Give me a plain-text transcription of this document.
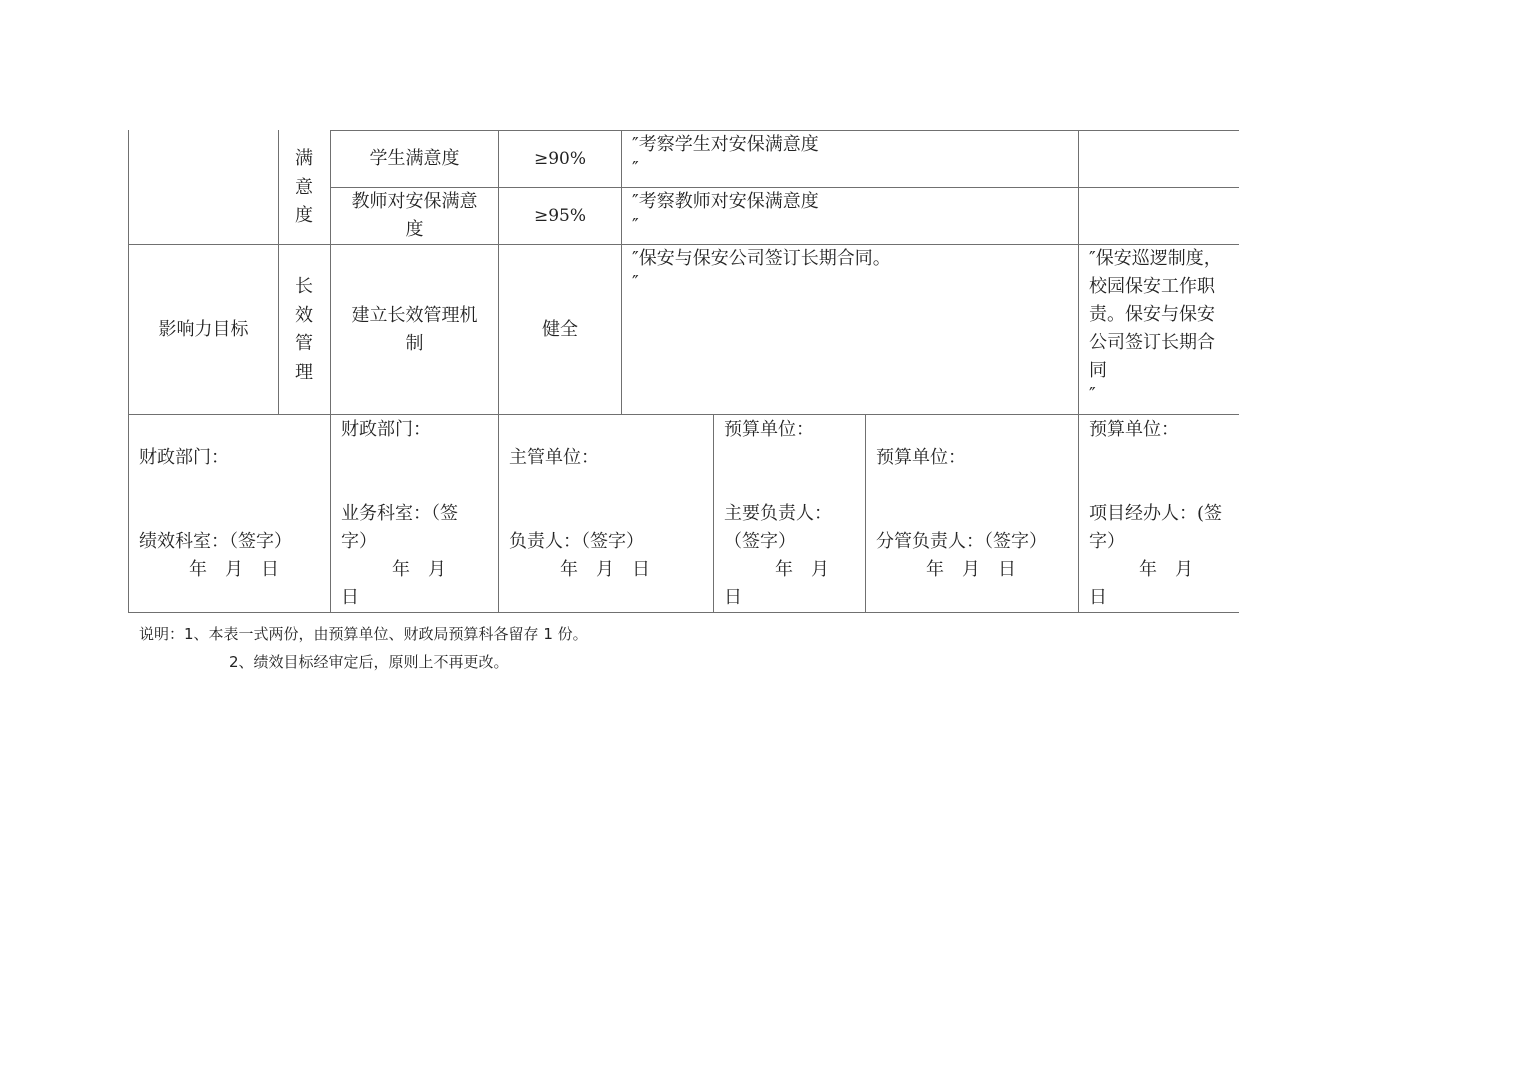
满意度
学生满意度	≥90%
″考察学生对安保满意度
″
教师对安保满意
度
≥95%
″考察教师对安保满意度
″
影响力目标
长效管理
建立长效管理机
制
健全
″保安与保安公司签订长期合同。
″
″保安巡逻制度，
校园保安工作职
责。保安与保安
公司签订长期合
同
″
财政部门：
绩效科室：（签字）
年　月　日
财政部门：
业务科室：（签
字）
年　月
日
主管单位：
负责人：（签字）
年　月　日
预算单位：
主要负责人：
（签字）
年　月
日
预算单位：
分管负责人：（签字）
年　月　日
预算单位：
项目经办人：(签
字）
年　月
日
说明：1、本表一式两份，由预算单位、财政局预算科各留存 1 份。
2、绩效目标经审定后，原则上不再更改。
